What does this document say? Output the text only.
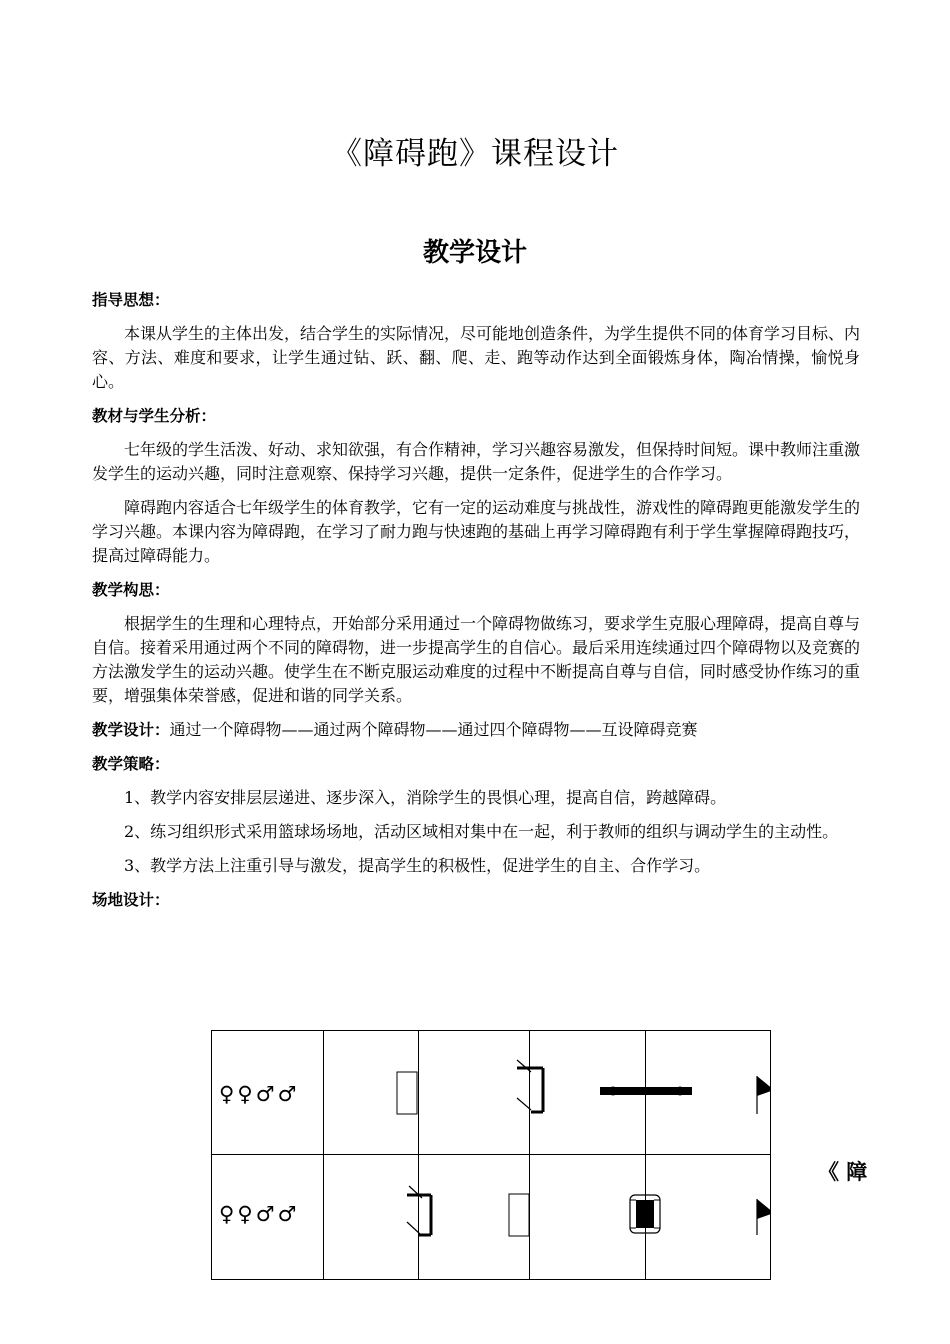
《障碍跑》课程设计
教学设计
指导思想：

本课从学生的主体出发，结合学生的实际情况，尽可能地创造条件，为学生提供不同的体育学习目标、内容、方法、难度和要求，让学生通过钻、跃、翻、爬、走、跑等动作达到全面锻炼身体，陶冶情操，愉悦身心。

教材与学生分析：

七年级的学生活泼、好动、求知欲强，有合作精神，学习兴趣容易激发，但保持时间短。课中教师注重激发学生的运动兴趣，同时注意观察、保持学习兴趣，提供一定条件，促进学生的合作学习。

障碍跑内容适合七年级学生的体育教学，它有一定的运动难度与挑战性，游戏性的障碍跑更能激发学生的学习兴趣。本课内容为障碍跑，在学习了耐力跑与快速跑的基础上再学习障碍跑有利于学生掌握障碍跑技巧，提高过障碍能力。

教学构思：

根据学生的生理和心理特点，开始部分采用通过一个障碍物做练习，要求学生克服心理障碍，提高自尊与自信。接着采用通过两个不同的障碍物，进一步提高学生的自信心。最后采用连续通过四个障碍物以及竞赛的方法激发学生的运动兴趣。使学生在不断克服运动难度的过程中不断提高自尊与自信，同时感受协作练习的重要，增强集体荣誉感，促进和谐的同学关系。

教学设计：通过一个障碍物——通过两个障碍物——通过四个障碍物——互设障碍竞赛

教学策略：

1、教学内容安排层层递进、逐步深入，消除学生的畏惧心理，提高自信，跨越障碍。

2、练习组织形式采用篮球场场地，活动区域相对集中在一起，利于教师的组织与调动学生的主动性。

3、教学方法上注重引导与激发，提高学生的积极性，促进学生的自主、合作学习。

场地设计：
♀♀♂♂
♀♀♂♂
《 障
